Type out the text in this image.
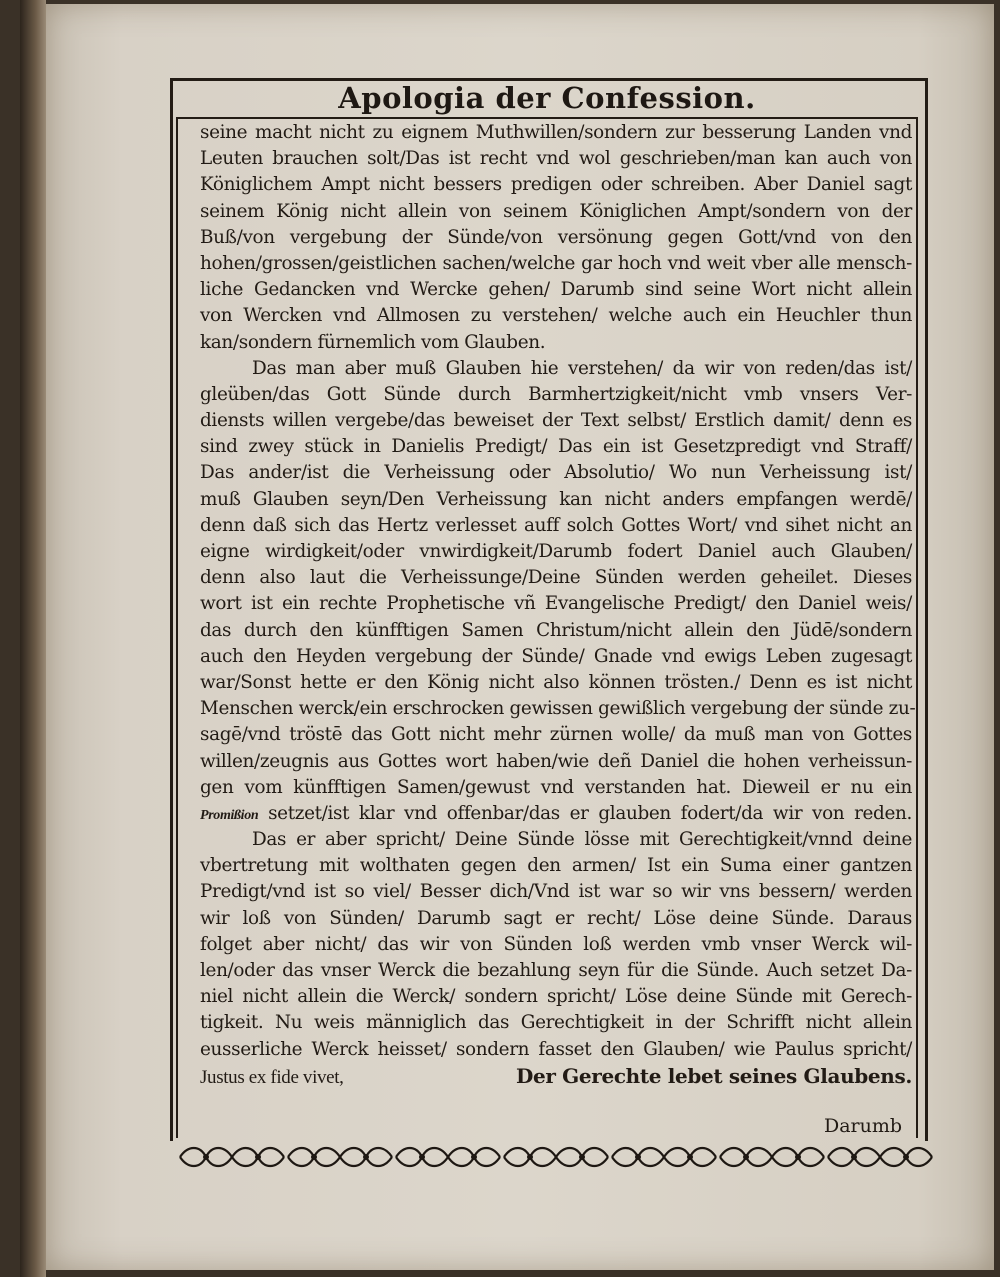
Apologia der Confession.
seine macht nicht zu eignem Muthwillen/sondern zur besserung Landen vnd
Leuten brauchen solt/Das ist recht vnd wol geschrieben/man kan auch von
Königlichem Ampt nicht bessers predigen oder schreiben. Aber Daniel sagt
seinem König nicht allein von seinem Königlichen Ampt/sondern von der
Buß/von vergebung der Sünde/von versönung gegen Gott/vnd von den
hohen/grossen/geistlichen sachen/welche gar hoch vnd weit vber alle mensch-
liche Gedancken vnd Wercke gehen/ Darumb sind seine Wort nicht allein
von Wercken vnd Allmosen zu verstehen/ welche auch ein Heuchler thun
kan/sondern fürnemlich vom Glauben.
Das man aber muß Glauben hie verstehen/ da wir von reden/das ist/
gleüben/das Gott Sünde durch Barmhertzigkeit/nicht vmb vnsers Ver-
diensts willen vergebe/das beweiset der Text selbst/ Erstlich damit/ denn es
sind zwey stück in Danielis Predigt/ Das ein ist Gesetzpredigt vnd Straff/
Das ander/ist die Verheissung oder Absolutio/ Wo nun Verheissung ist/
muß Glauben seyn/Den Verheissung kan nicht anders empfangen werdē/
denn daß sich das Hertz verlesset auff solch Gottes Wort/ vnd sihet nicht an
eigne wirdigkeit/oder vnwirdigkeit/Darumb fodert Daniel auch Glauben/
denn also laut die Verheissunge/Deine Sünden werden geheilet. Dieses
wort ist ein rechte Prophetische vñ Evangelische Predigt/ den Daniel weis/
das durch den künfftigen Samen Christum/nicht allein den Jüdē/sondern
auch den Heyden vergebung der Sünde/ Gnade vnd ewigs Leben zugesagt
war/Sonst hette er den König nicht also können trösten./ Denn es ist nicht
Menschen werck/ein erschrocken gewissen gewißlich vergebung der sünde zu-
sagē/vnd tröstē das Gott nicht mehr zürnen wolle/ da muß man von Gottes
willen/zeugnis aus Gottes wort haben/wie deñ Daniel die hohen verheissun-
gen vom künfftigen Samen/gewust vnd verstanden hat. Dieweil er nu ein
Promißion setzet/ist klar vnd offenbar/das er glauben fodert/da wir von reden.
Das er aber spricht/ Deine Sünde lösse mit Gerechtigkeit/vnnd deine
vbertretung mit wolthaten gegen den armen/ Ist ein Suma einer gantzen
Predigt/vnd ist so viel/ Besser dich/Vnd ist war so wir vns bessern/ werden
wir loß von Sünden/ Darumb sagt er recht/ Löse deine Sünde. Daraus
folget aber nicht/ das wir von Sünden loß werden vmb vnser Werck wil-
len/oder das vnser Werck die bezahlung seyn für die Sünde. Auch setzet Da-
niel nicht allein die Werck/ sondern spricht/ Löse deine Sünde mit Gerech-
tigkeit. Nu weis männiglich das Gerechtigkeit in der Schrifft nicht allein
eusserliche Werck heisset/ sondern fasset den Glauben/ wie Paulus spricht/
Justus ex fide vivet,	Der Gerechte lebet seines Glaubens.
Darumb
